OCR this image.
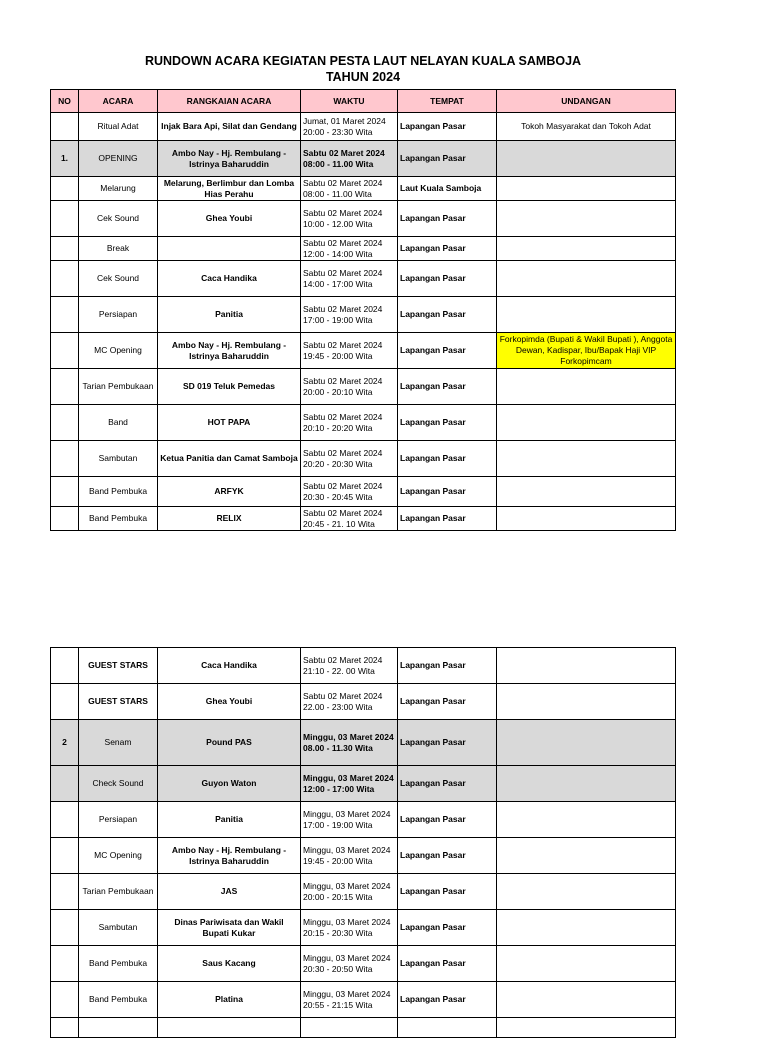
RUNDOWN ACARA KEGIATAN PESTA LAUT NELAYAN KUALA SAMBOJA
TAHUN 2024
NO	ACARA	RANGKAIAN ACARA	WAKTU	TEMPAT	UNDANGAN
	Ritual Adat	Injak Bara Api, Silat dan Gendang	Jumat, 01 Maret 2024
20:00 - 23:30 Wita	Lapangan Pasar	Tokoh Masyarakat dan Tokoh Adat
1.	OPENING	Ambo Nay - Hj. Rembulang - Istrinya Baharuddin	Sabtu 02 Maret 2024
08:00 - 11.00 Wita	Lapangan Pasar	
	Melarung	Melarung, Berlimbur dan Lomba Hias Perahu	Sabtu 02 Maret 2024
08:00 - 11.00 Wita	Laut Kuala Samboja	
	Cek Sound	Ghea Youbi	Sabtu 02 Maret 2024
10:00 - 12.00 Wita	Lapangan Pasar	
	Break		Sabtu 02 Maret 2024
12:00 - 14:00 Wita	Lapangan Pasar	
	Cek Sound	Caca Handika	Sabtu 02 Maret 2024
14:00 - 17:00 Wita	Lapangan Pasar	
	Persiapan	Panitia	Sabtu 02 Maret 2024
17:00 - 19:00 Wita	Lapangan Pasar	
	MC Opening	Ambo Nay - Hj. Rembulang - Istrinya Baharuddin	Sabtu 02 Maret 2024
19:45 - 20:00 Wita	Lapangan Pasar	Forkopimda (Bupati & Wakil Bupati ), Anggota Dewan, Kadispar, Ibu/Bapak Haji VIP Forkopimcam
	Tarian Pembukaan	SD 019 Teluk Pemedas	Sabtu 02 Maret 2024
20:00 - 20:10 Wita	Lapangan Pasar	
	Band	HOT PAPA	Sabtu 02 Maret 2024
20:10 - 20:20 Wita	Lapangan Pasar	
	Sambutan	Ketua Panitia dan Camat Samboja	Sabtu 02 Maret 2024
20:20 - 20:30 Wita	Lapangan Pasar	
	Band Pembuka	ARFYK	Sabtu 02 Maret 2024
20:30 - 20:45 Wita	Lapangan Pasar	
	Band Pembuka	RELIX	Sabtu 02 Maret 2024
20:45 - 21. 10 Wita	Lapangan Pasar	
	GUEST STARS	Caca Handika	Sabtu 02 Maret 2024
21:10 - 22. 00 Wita	Lapangan Pasar	
	GUEST STARS	Ghea Youbi	Sabtu 02 Maret 2024
22.00 - 23:00 Wita	Lapangan Pasar	
2	Senam	Pound PAS	Minggu, 03 Maret 2024
08.00 - 11.30 Wita	Lapangan Pasar	
	Check Sound	Guyon Waton	Minggu, 03 Maret 2024
12:00 - 17:00 Wita	Lapangan Pasar	
	Persiapan	Panitia	Minggu, 03 Maret 2024
17:00 - 19:00 Wita	Lapangan Pasar	
	MC Opening	Ambo Nay - Hj. Rembulang - Istrinya Baharuddin	Minggu, 03 Maret 2024
19:45 - 20:00 Wita	Lapangan Pasar	
	Tarian Pembukaan	JAS	Minggu, 03 Maret 2024
20:00 - 20:15 Wita	Lapangan Pasar	
	Sambutan	Dinas Pariwisata dan Wakil Bupati Kukar	Minggu, 03 Maret 2024
20:15 - 20:30 Wita	Lapangan Pasar	
	Band Pembuka	Saus Kacang	Minggu, 03 Maret 2024
20:30 - 20:50 Wita	Lapangan Pasar	
	Band Pembuka	Platina	Minggu, 03 Maret 2024
20:55 - 21:15 Wita	Lapangan Pasar	
